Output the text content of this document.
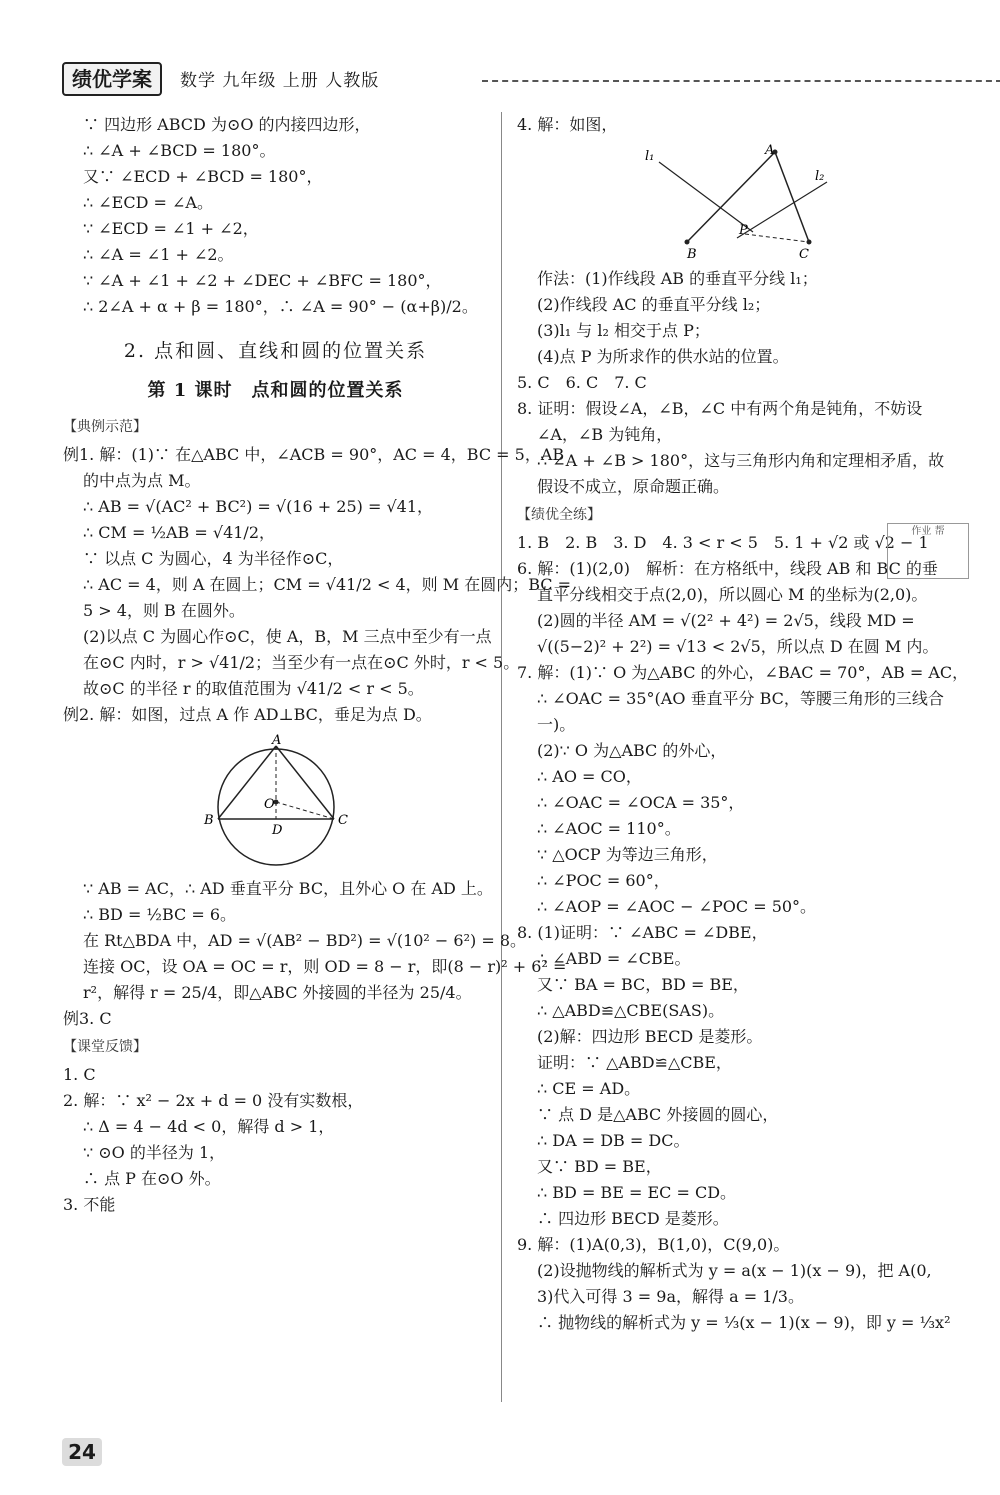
绩优学案	数学 九年级 上册 人教版

∵ 四边形 ABCD 为⊙O 的内接四边形，

∴ ∠A + ∠BCD = 180°。

又∵ ∠ECD + ∠BCD = 180°，

∴ ∠ECD = ∠A。

∵ ∠ECD = ∠1 + ∠2，

∴ ∠A = ∠1 + ∠2。

∵ ∠A + ∠1 + ∠2 + ∠DEC + ∠BFC = 180°，

∴ 2∠A + α + β = 180°，∴ ∠A = 90° − (α+β)/2。

2. 点和圆、直线和圆的位置关系
第 1 课时　点和圆的位置关系
【典例示范】

例1. 解：(1)∵ 在△ABC 中，∠ACB = 90°，AC = 4，BC = 5，AB

的中点为点 M。

∴ AB = √(AC² + BC²) = √(16 + 25) = √41，

∴ CM = ½AB = √41/2，

∵ 以点 C 为圆心，4 为半径作⊙C，

∴ AC = 4，则 A 在圆上；CM = √41/2 < 4，则 M 在圆内；BC =

5 > 4，则 B 在圆外。

(2)以点 C 为圆心作⊙C，使 A，B，M 三点中至少有一点

在⊙C 内时，r > √41/2；当至少有一点在⊙C 外时，r < 5。

故⊙C 的半径 r 的取值范围为 √41/2 < r < 5。

例2. 解：如图，过点 A 作 AD⊥BC，垂足为点 D。

A
O
B
D
C

∵ AB = AC，∴ AD 垂直平分 BC，且外心 O 在 AD 上。

∴ BD = ½BC = 6。

在 Rt△BDA 中，AD = √(AB² − BD²) = √(10² − 6²) = 8。

连接 OC，设 OA = OC = r，则 OD = 8 − r，即(8 − r)² + 6² =

r²，解得 r = 25/4，即△ABC 外接圆的半径为 25/4。

例3. C

【课堂反馈】

1. C

2. 解：∵ x² − 2x + d = 0 没有实数根，

∴ Δ = 4 − 4d < 0，解得 d > 1，

∵ ⊙O 的半径为 1，

∴ 点 P 在⊙O 外。

3. 不能

4. 解：如图，

l₁	A
l₂
P
B	C

作法：(1)作线段 AB 的垂直平分线 l₁；

(2)作线段 AC 的垂直平分线 l₂；

(3)l₁ 与 l₂ 相交于点 P；

(4)点 P 为所求作的供水站的位置。

5. C　6. C　7. C

8. 证明：假设∠A，∠B，∠C 中有两个角是钝角，不妨设

∠A，∠B 为钝角，

∴ ∠A + ∠B > 180°，这与三角形内角和定理相矛盾，故

假设不成立，原命题正确。

【绩优全练】

1. B　2. B　3. D　4. 3 < r < 5　5. 1 + √2 或 √2 − 1

6. 解：(1)(2,0)　解析：在方格纸中，线段 AB 和 BC 的垂

直平分线相交于点(2,0)，所以圆心 M 的坐标为(2,0)。

(2)圆的半径 AM = √(2² + 4²) = 2√5，线段 MD =

√((5−2)² + 2²) = √13 < 2√5，所以点 D 在圆 M 内。

7. 解：(1)∵ O 为△ABC 的外心，∠BAC = 70°，AB = AC，

∴ ∠OAC = 35°(AO 垂直平分 BC，等腰三角形的三线合

一)。

(2)∵ O 为△ABC 的外心，

∴ AO = CO，

∴ ∠OAC = ∠OCA = 35°，

∴ ∠AOC = 110°。

∵ △OCP 为等边三角形，

∴ ∠POC = 60°，

∴ ∠AOP = ∠AOC − ∠POC = 50°。

8. (1)证明：∵ ∠ABC = ∠DBE，

∴ ∠ABD = ∠CBE。

又∵ BA = BC，BD = BE，

∴ △ABD≌△CBE(SAS)。

(2)解：四边形 BECD 是菱形。

证明：∵ △ABD≌△CBE，

∴ CE = AD。

∵ 点 D 是△ABC 外接圆的圆心，

∴ DA = DB = DC。

又∵ BD = BE，

∴ BD = BE = EC = CD。

∴ 四边形 BECD 是菱形。

9. 解：(1)A(0,3)，B(1,0)，C(9,0)。

(2)设抛物线的解析式为 y = a(x − 1)(x − 9)，把 A(0,

3)代入可得 3 = 9a，解得 a = 1/3。

∴ 抛物线的解析式为 y = ⅓(x − 1)(x − 9)，即 y = ⅓x²

作业 帮
24
